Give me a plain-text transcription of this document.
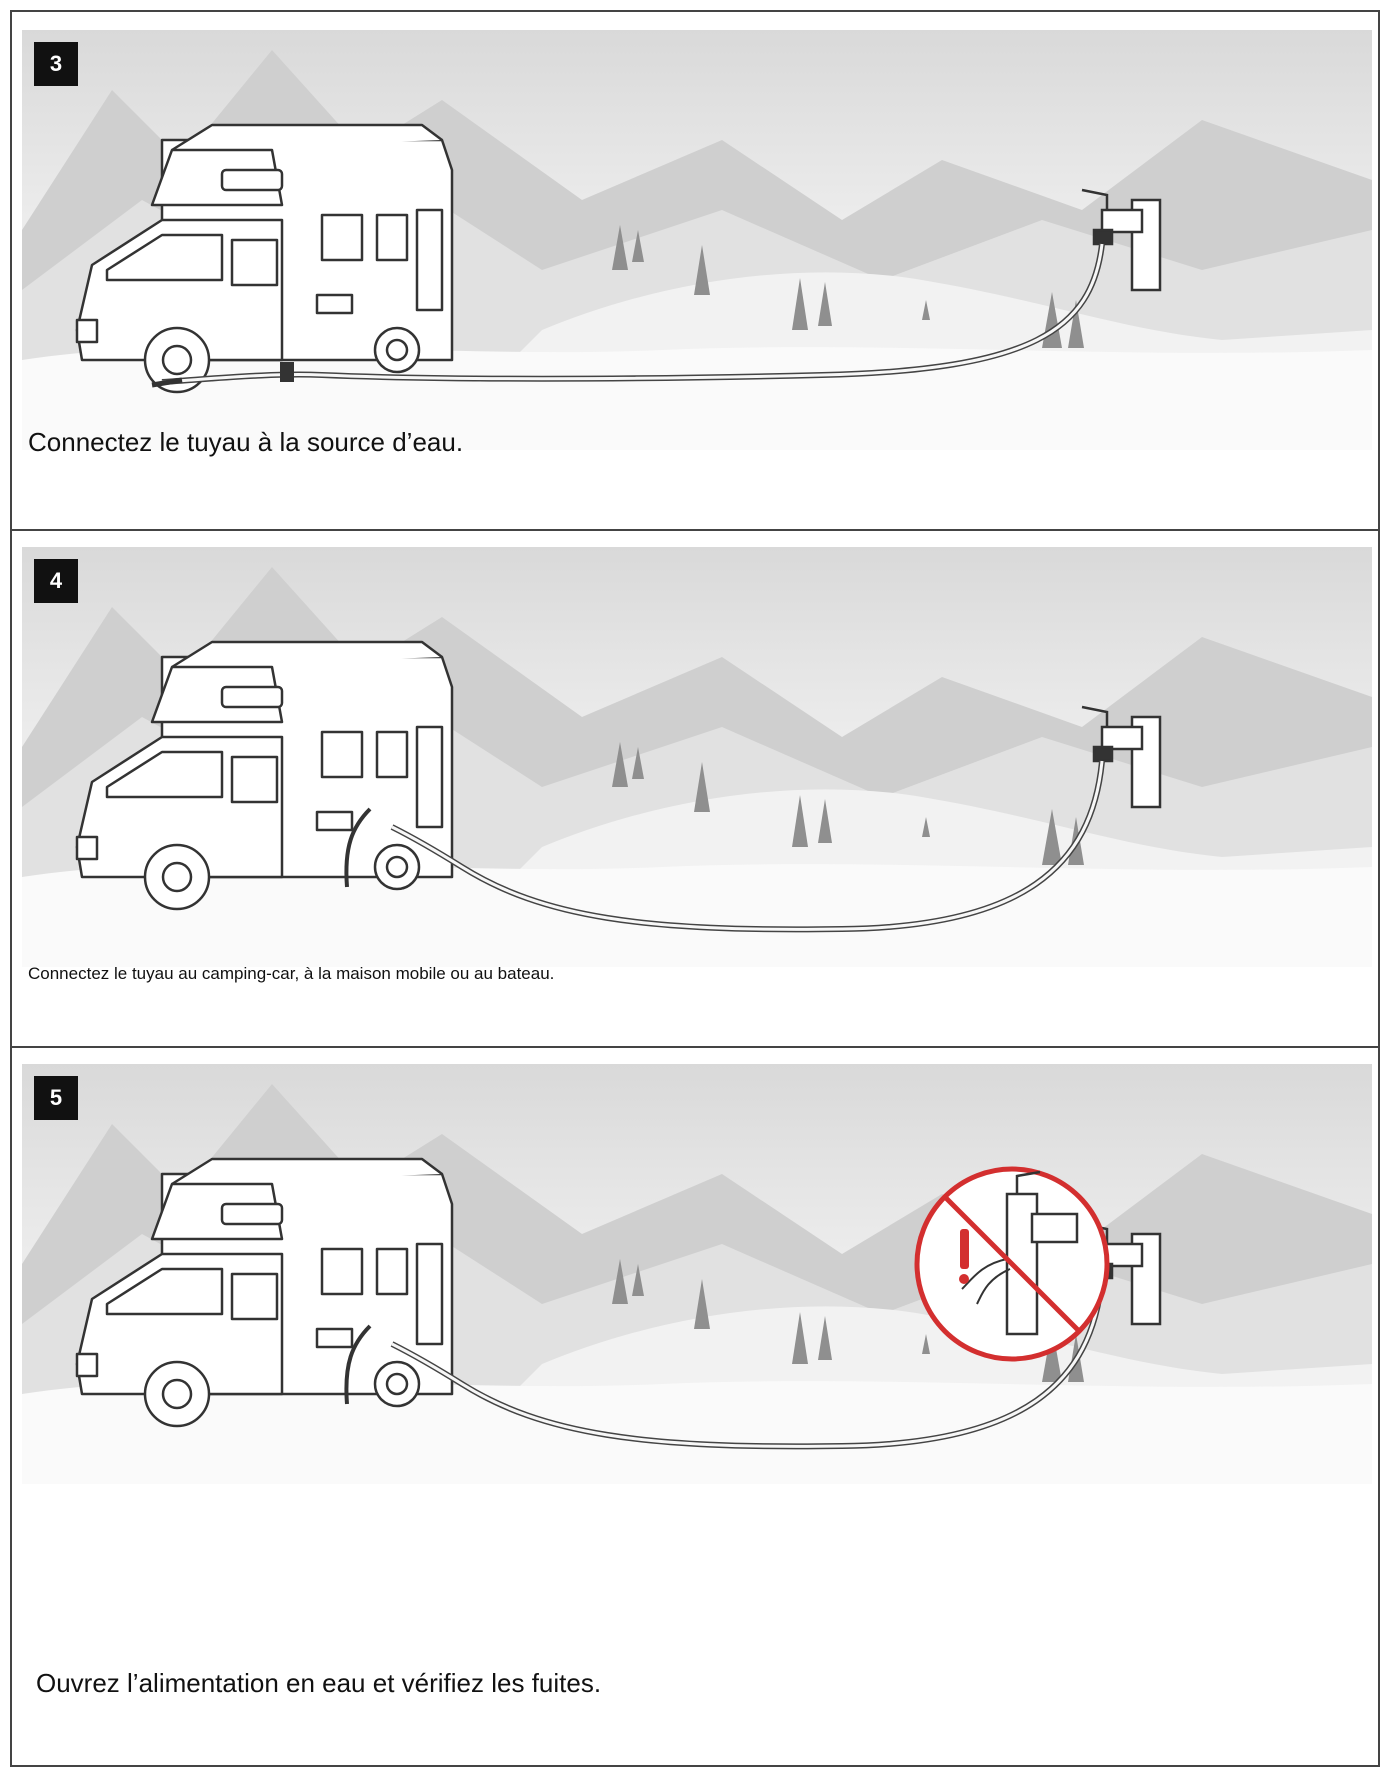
3
Connectez le tuyau à la source d’eau.
4
Connectez le tuyau au camping-car, à la maison mobile ou au bateau.
5
Ouvrez l’alimentation en eau et vérifiez les fuites.
